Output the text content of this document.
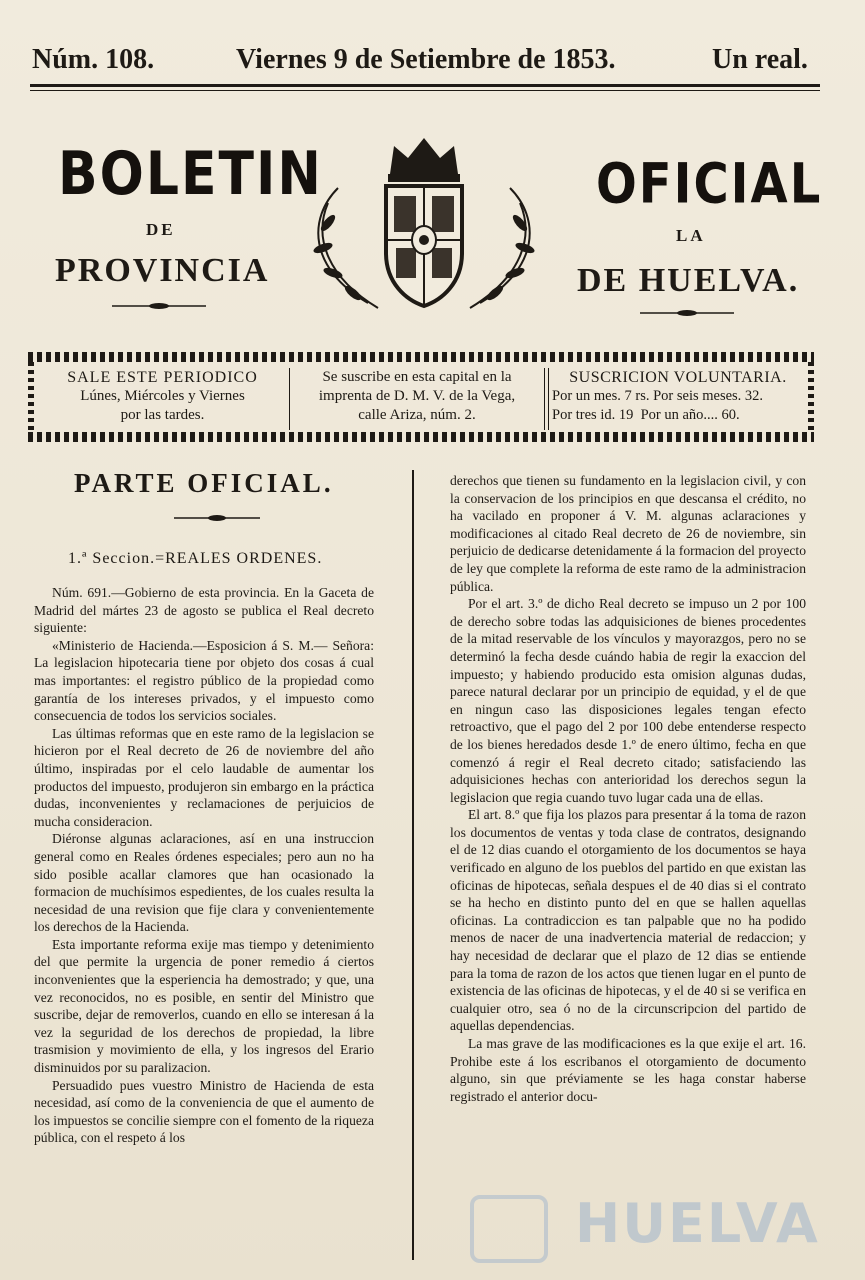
Núm. 108.	Viernes 9 de Setiembre de 1853.	Un real.
BOLETIN
DE
PROVINCIA
OFICIAL
LA
DE HUELVA.
SALE ESTE PERIODICO
Lúnes, Miércoles y Viernes
por las tardes.
Se suscribe en esta capital en la
imprenta de D. M. V. de la Vega,
calle Ariza, núm. 2.
SUSCRICION VOLUNTARIA.
Por un mes. 7 rs. Por seis meses. 32.
Por tres id. 19  Por un año.... 60.
PARTE OFICIAL.
1.ª Seccion.=REALES ORDENES.

Núm. 691.—Gobierno de esta provincia. En la Gaceta de Madrid del mártes 23 de agosto se publica el Real decreto siguiente:

«Ministerio de Hacienda.—Esposicion á S. M.— Señora: La legislacion hipotecaria tiene por objeto dos cosas á cual mas importantes: el registro público de la propiedad como garantía de los intereses privados, y el impuesto como consecuencia de todos los servicios sociales.

Las últimas reformas que en este ramo de la legislacion se hicieron por el Real decreto de 26 de noviembre del año último, inspiradas por el celo laudable de aumentar los productos del impuesto, produjeron sin embargo en la práctica dudas, inconvenientes y reclamaciones de perjuicios de mucha consideracion.

Diéronse algunas aclaraciones, así en una instruccion general como en Reales órdenes especiales; pero aun no ha sido posible acallar clamores que han ocasionado la formacion de muchísimos espedientes, de los cuales resulta la necesidad de una revision que fije clara y convenientemente los derechos de la Hacienda.

Esta importante reforma exije mas tiempo y detenimiento del que permite la urgencia de poner remedio á ciertos inconvenientes que la esperiencia ha demostrado; y que, una vez reconocidos, no es posible, en sentir del Ministro que suscribe, dejar de removerlos, cuando en ello se interesan á la vez la seguridad de los derechos de propiedad, la libre trasmision y movimiento de ella, y los ingresos del Erario disminuidos por su paralizacion.

Persuadido pues vuestro Ministro de Hacienda de esta necesidad, así como de la conveniencia de que el aumento de los impuestos se concilie siempre con el fomento de la riqueza pública, con el respeto á los

derechos que tienen su fundamento en la legislacion civil, y con la conservacion de los principios en que descansa el crédito, no ha vacilado en proponer á V. M. algunas aclaraciones y modificaciones al citado Real decreto de 26 de noviembre, sin perjuicio de dedicarse detenidamente á la formacion del proyecto de ley que complete la reforma de este ramo de la administracion pública.

Por el art. 3.º de dicho Real decreto se impuso un 2 por 100 de derecho sobre todas las adquisiciones de bienes procedentes de la mitad reservable de los vínculos y mayorazgos, pero no se determinó la fecha desde cuándo habia de regir la exaccion del impuesto; y habiendo producido esta omision algunas dudas, parece natural declarar por un principio de equidad, y el de que en ningun caso las disposiciones legales tengan efecto retroactivo, que el pago del 2 por 100 debe entenderse respecto de los bienes heredados desde 1.º de enero último, fecha en que comenzó á regir el Real decreto citado; satisfaciendo las adquisiciones hechas con anterioridad los derechos segun la legislacion que regia cuando tuvo lugar cada una de ellas.

El art. 8.º que fija los plazos para presentar á la toma de razon los documentos de ventas y toda clase de contratos, designando el de 12 dias cuando el otorgamiento de los documentos se haya verificado en alguno de los pueblos del partido en que existan las oficinas de hipotecas, señala despues el de 40 dias si el contrato se ha hecho en distinto punto del en que se hallen aquellas oficinas. La contradiccion es tan palpable que no ha podido menos de nacer de una inadvertencia material de redaccion; y hay necesidad de declarar que el plazo de 12 dias se entiende para la toma de razon de los actos que tienen lugar en el punto de existencia de las oficinas de hipotecas, y el de 40 si se verifica en cualquier otro, sea ó no de la circunscripcion del partido de aquellas dependencias.

La mas grave de las modificaciones es la que exije el art. 16. Prohibe este á los escribanos el otorgamiento de documento alguno, sin que préviamente se les haga constar haberse registrado el anterior docu-

HUELVA
